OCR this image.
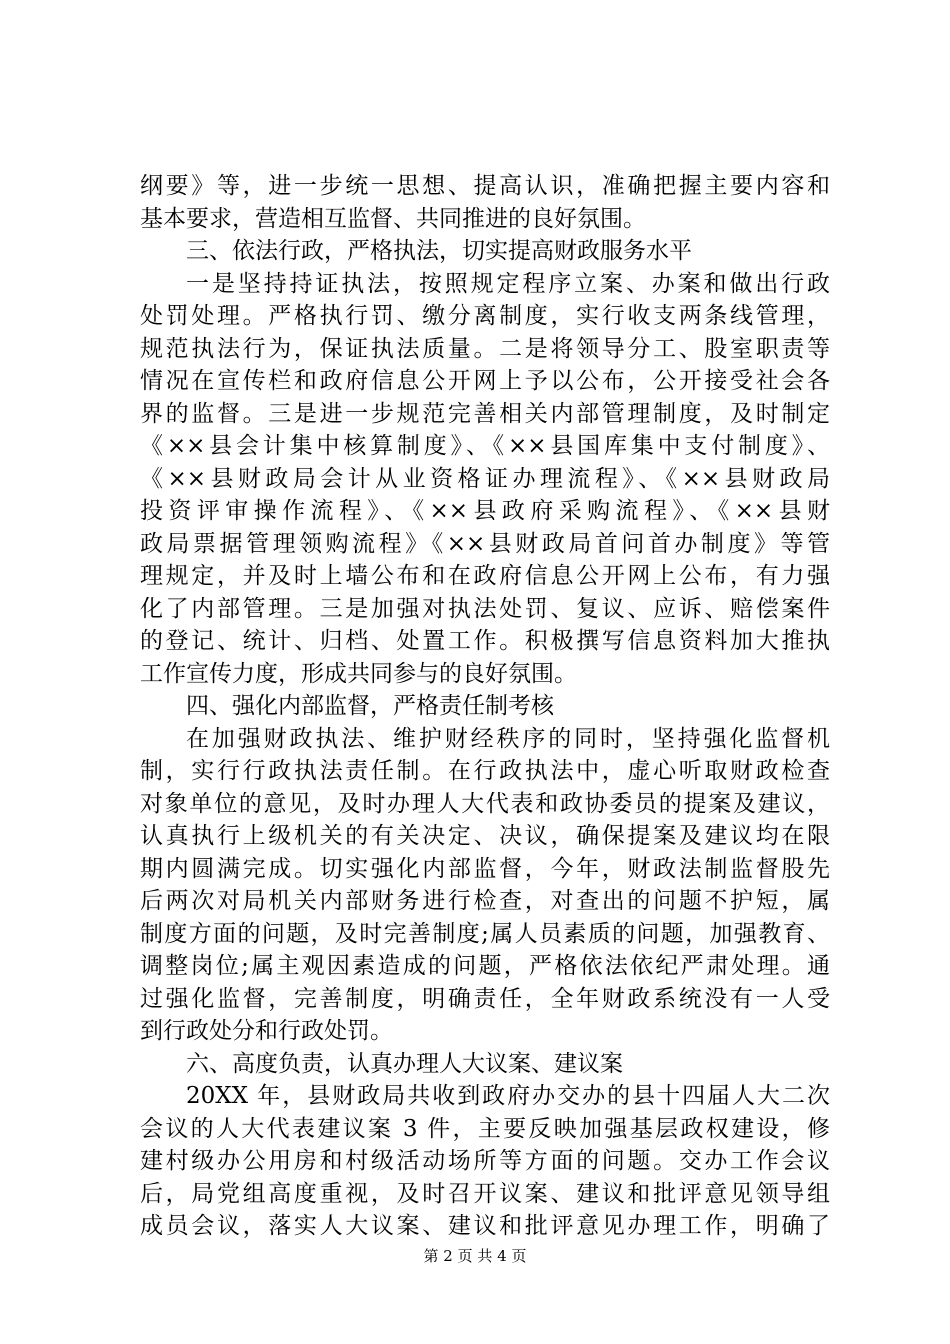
纲要》等，进一步统一思想、提高认识，准确把握主要内容和
基本要求，营造相互监督、共同推进的良好氛围。
三、依法行政，严格执法，切实提高财政服务水平
一是坚持持证执法，按照规定程序立案、办案和做出行政
处罚处理。严格执行罚、缴分离制度，实行收支两条线管理，
规范执法行为，保证执法质量。二是将领导分工、股室职责等
情况在宣传栏和政府信息公开网上予以公布，公开接受社会各
界的监督。三是进一步规范完善相关内部管理制度，及时制定
《××县会计集中核算制度》、《××县国库集中支付制度》、
《××县财政局会计从业资格证办理流程》、《××县财政局
投资评审操作流程》、《××县政府采购流程》、《××县财
政局票据管理领购流程》《××县财政局首问首办制度》等管
理规定，并及时上墙公布和在政府信息公开网上公布，有力强
化了内部管理。三是加强对执法处罚、复议、应诉、赔偿案件
的登记、统计、归档、处置工作。积极撰写信息资料加大推执
工作宣传力度，形成共同参与的良好氛围。
四、强化内部监督，严格责任制考核
在加强财政执法、维护财经秩序的同时，坚持强化监督机
制，实行行政执法责任制。在行政执法中，虚心听取财政检查
对象单位的意见，及时办理人大代表和政协委员的提案及建议，
认真执行上级机关的有关决定、决议，确保提案及建议均在限
期内圆满完成。切实强化内部监督，今年，财政法制监督股先
后两次对局机关内部财务进行检查，对查出的问题不护短，属
制度方面的问题，及时完善制度;属人员素质的问题，加强教育、
调整岗位;属主观因素造成的问题，严格依法依纪严肃处理。通
过强化监督，完善制度，明确责任，全年财政系统没有一人受
到行政处分和行政处罚。
六、高度负责，认真办理人大议案、建议案
20XX 年，县财政局共收到政府办交办的县十四届人大二次
会议的人大代表建议案 3 件，主要反映加强基层政权建设，修
建村级办公用房和村级活动场所等方面的问题。交办工作会议
后，局党组高度重视，及时召开议案、建议和批评意见领导组
成员会议，落实人大议案、建议和批评意见办理工作，明确了
第 2 页 共 4 页
